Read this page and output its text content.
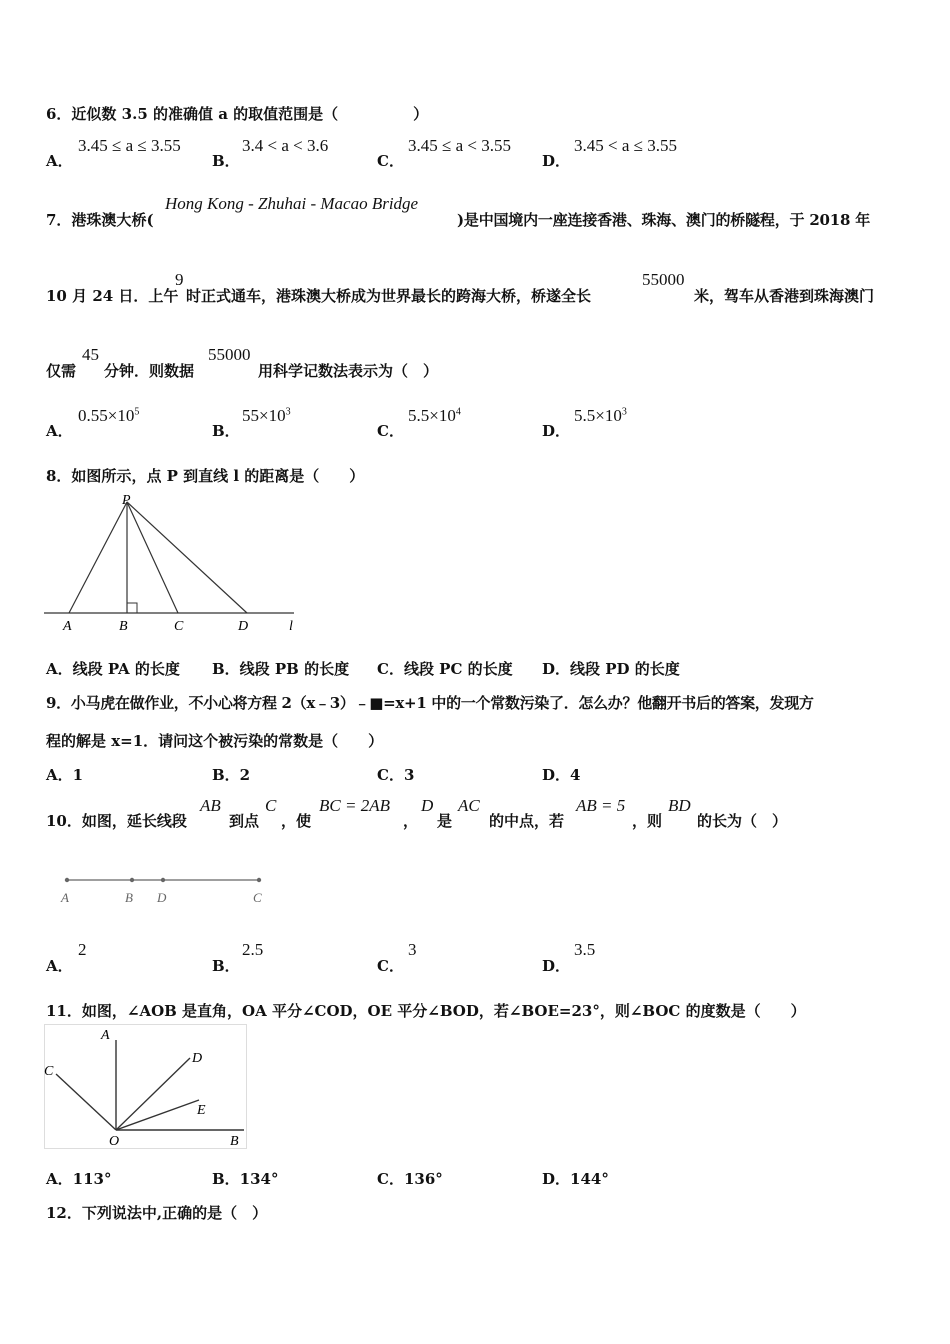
6．近似数 3.5 的准确值 a 的取值范围是（　　　　　）
A．
3.45 ≤ a ≤ 3.55
B．
3.4 < a < 3.6
C．
3.45 ≤ a < 3.55
D．
3.45 < a ≤ 3.55
7．港珠澳大桥(
Hong Kong - Zhuhai - Macao Bridge
)是中国境内一座连接香港、珠海、澳门的桥隧程，于 2018 年
10 月 24 日．上午
9
时正式通车，港珠澳大桥成为世界最长的跨海大桥，桥遂全长
55000
米，驾车从香港到珠海澳门
仅需
45
分钟．则数据
55000
用科学记数法表示为（　）
A．
$0.55\times 10^5$
B．
$55\times 10^3$
C．
$5.5\times 10^4$
D．
$5.5\times 10^3$
8．如图所示，点 P 到直线 l 的距离是（　　）
P
A	B	C	D	l
A．线段 PA 的长度 B．线段 PB 的长度 C．线段 PC 的长度 D．线段 PD 的长度
9．小马虎在做作业，不小心将方程 2（x﹣3）﹣■=x+1 中的一个常数污染了．怎么办？他翻开书后的答案，发现方
程的解是 x=1．请问这个被污染的常数是（　　）
A．1	B．2	C．3	D．4
10．如图，延长线段
AB
到点
C
，使
BC = 2AB
，
D
是
AC
的中点，若
AB = 5
，则
BD
的长为（　）
A	B D	C
A．
2
B．
2.5
C．
3
D．
3.5
11．如图，∠AOB 是直角，OA 平分∠COD，OE 平分∠BOD，若∠BOE=23°，则∠BOC 的度数是（　　）
A
C
D
E
O	B
A．113°	B．134°	C．136°	D．144°
12．下列说法中,正确的是（　）
